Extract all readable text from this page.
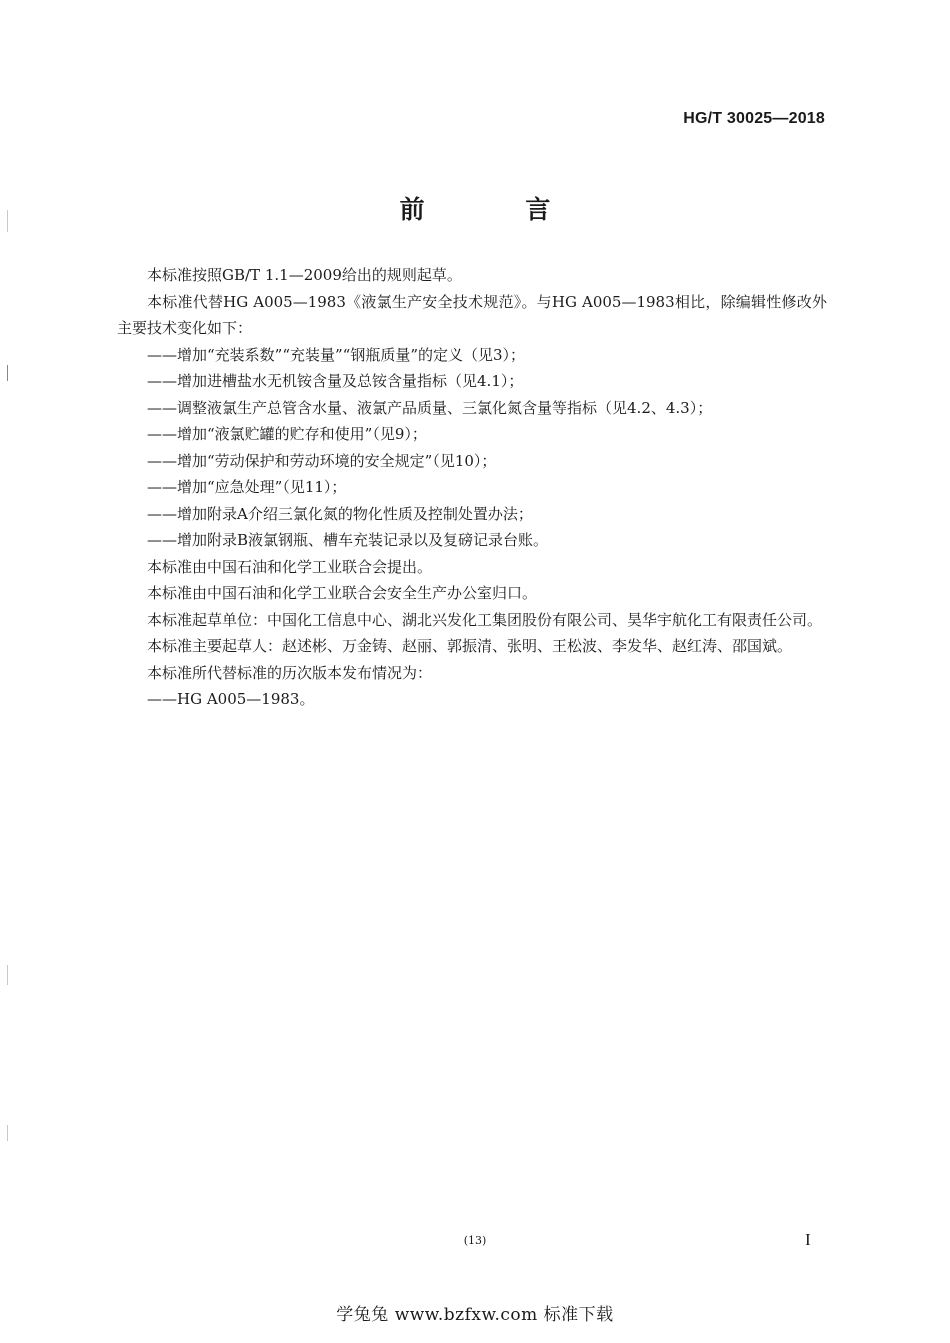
HG/T 30025—2018
前 言

本标准按照GB/T 1.1—2009给出的规则起草。

本标准代替HG A005—1983《液氯生产安全技术规范》。与HG A005—1983相比，除编辑性修改外主要技术变化如下：

——增加“充装系数”“充装量”“钢瓶质量”的定义（见3）；

——增加进槽盐水无机铵含量及总铵含量指标（见4.1）；

——调整液氯生产总管含水量、液氯产品质量、三氯化氮含量等指标（见4.2、4.3）；

——增加“液氯贮罐的贮存和使用”（见9）；

——增加“劳动保护和劳动环境的安全规定”（见10）；

——增加“应急处理”（见11）；

——增加附录A介绍三氯化氮的物化性质及控制处置办法；

——增加附录B液氯钢瓶、槽车充装记录以及复磅记录台账。

本标准由中国石油和化学工业联合会提出。

本标准由中国石油和化学工业联合会安全生产办公室归口。

本标准起草单位：中国化工信息中心、湖北兴发化工集团股份有限公司、昊华宇航化工有限责任公司。

本标准主要起草人：赵述彬、万金铸、赵丽、郭振清、张明、王松波、李发华、赵红涛、邵国斌。

本标准所代替标准的历次版本发布情况为：

——HG A005—1983。

(13)	I
学兔兔 www.bzfxw.com 标准下载
